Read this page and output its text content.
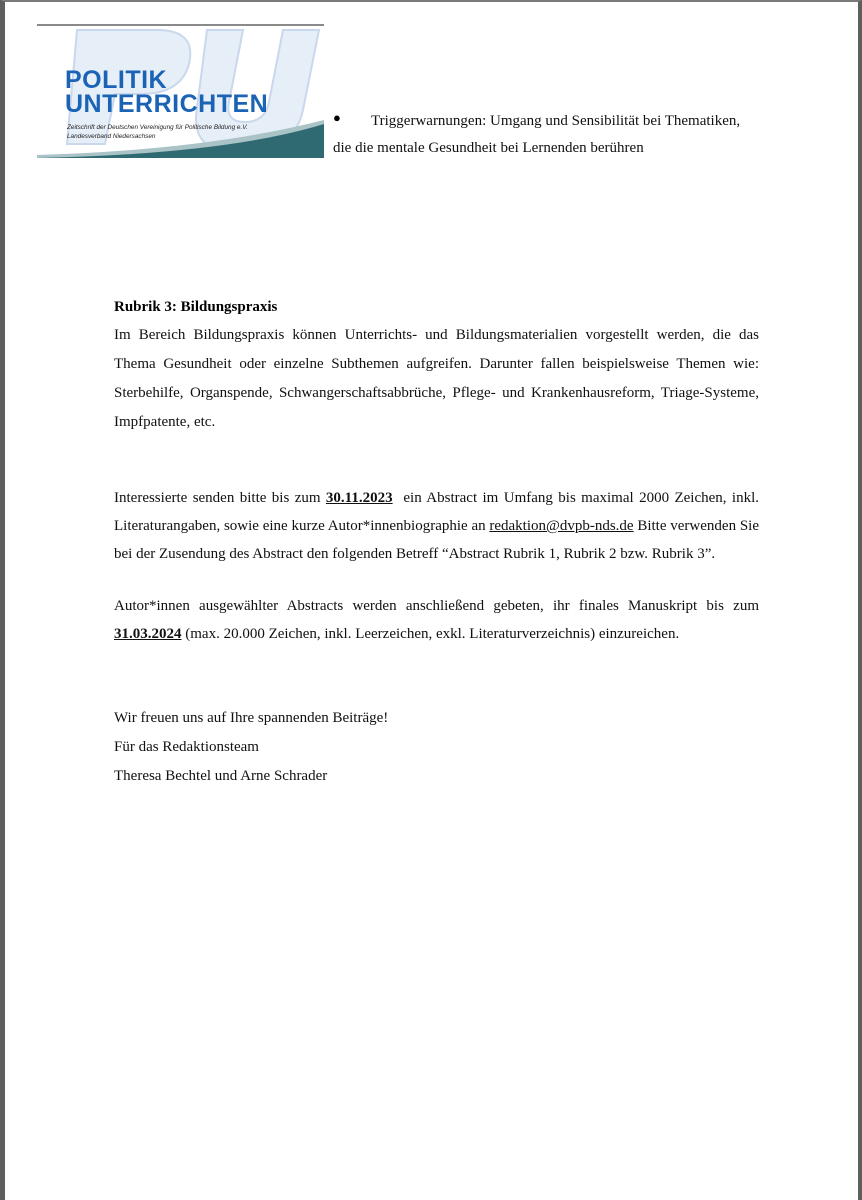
POLITIK
UNTERRICHTEN
Zeitschrift der Deutschen Vereinigung für Politische Bildung e.V.
Landesverband Niedersachsen
●	Triggerwarnungen: Umgang und Sensibilität bei Thematiken,
die die mentale Gesundheit bei Lernenden berühren
Rubrik 3: Bildungspraxis
Im Bereich Bildungspraxis können Unterrichts- und Bildungsmaterialien vorgestellt werden, die das Thema Gesundheit oder einzelne Subthemen aufgreifen. Darunter fallen beispielsweise Themen wie: Sterbehilfe, Organspende, Schwangerschaftsabbrüche, Pflege- und Krankenhausreform, Triage-Systeme, Impfpatente, etc.
Interessierte senden bitte bis zum 30.11.2023  ein Abstract im Umfang bis maximal 2000 Zeichen, inkl. Literaturangaben, sowie eine kurze Autor*innenbiographie an redaktion@dvpb-nds.de Bitte verwenden Sie bei der Zusendung des Abstract den folgenden Betreff “Abstract Rubrik 1, Rubrik 2 bzw. Rubrik 3”.
Autor*innen ausgewählter Abstracts werden anschließend gebeten, ihr finales Manuskript bis zum 31.03.2024 (max. 20.000 Zeichen, inkl. Leerzeichen, exkl. Literaturverzeichnis) einzureichen.
Wir freuen uns auf Ihre spannenden Beiträge!
Für das Redaktionsteam
Theresa Bechtel und Arne Schrader
